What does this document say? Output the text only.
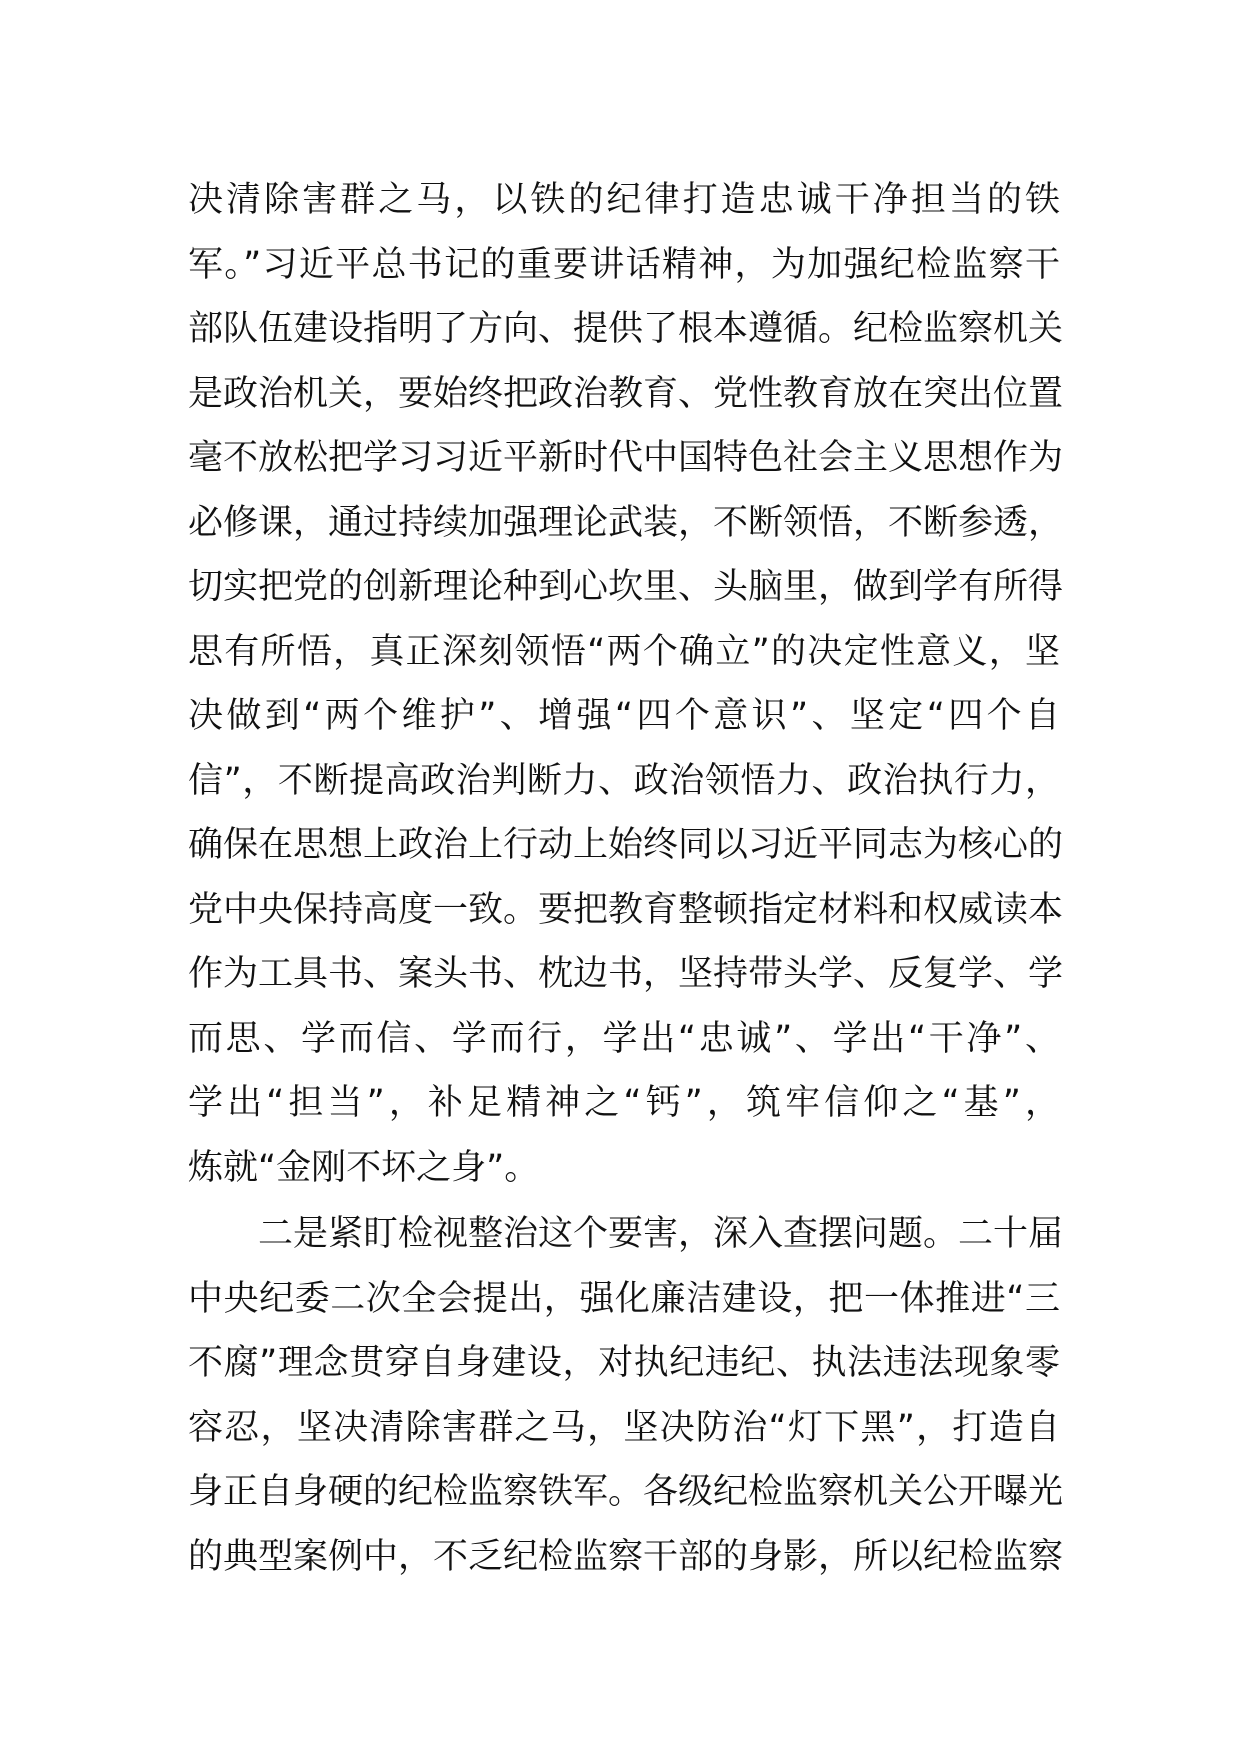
决清除害群之马，以铁的纪律打造忠诚干净担当的铁
军。”习近平总书记的重要讲话精神，为加强纪检监察干
部队伍建设指明了方向、提供了根本遵循。纪检监察机关
是政治机关，要始终把政治教育、党性教育放在突出位置
毫不放松把学习习近平新时代中国特色社会主义思想作为
必修课，通过持续加强理论武装，不断领悟，不断参透，
切实把党的创新理论种到心坎里、头脑里，做到学有所得
思有所悟，真正深刻领悟“两个确立”的决定性意义，坚
决做到“两个维护”、增强“四个意识”、坚定“四个自
信”，不断提高政治判断力、政治领悟力、政治执行力，
确保在思想上政治上行动上始终同以习近平同志为核心的
党中央保持高度一致。要把教育整顿指定材料和权威读本
作为工具书、案头书、枕边书，坚持带头学、反复学、学
而思、学而信、学而行，学出“忠诚”、学出“干净”、
学出“担当”，补足精神之“钙”，筑牢信仰之“基”，
炼就“金刚不坏之身”。
二是紧盯检视整治这个要害，深入查摆问题。二十届
中央纪委二次全会提出，强化廉洁建设，把一体推进“三
不腐”理念贯穿自身建设，对执纪违纪、执法违法现象零
容忍，坚决清除害群之马，坚决防治“灯下黑”，打造自
身正自身硬的纪检监察铁军。各级纪检监察机关公开曝光
的典型案例中，不乏纪检监察干部的身影，所以纪检监察
